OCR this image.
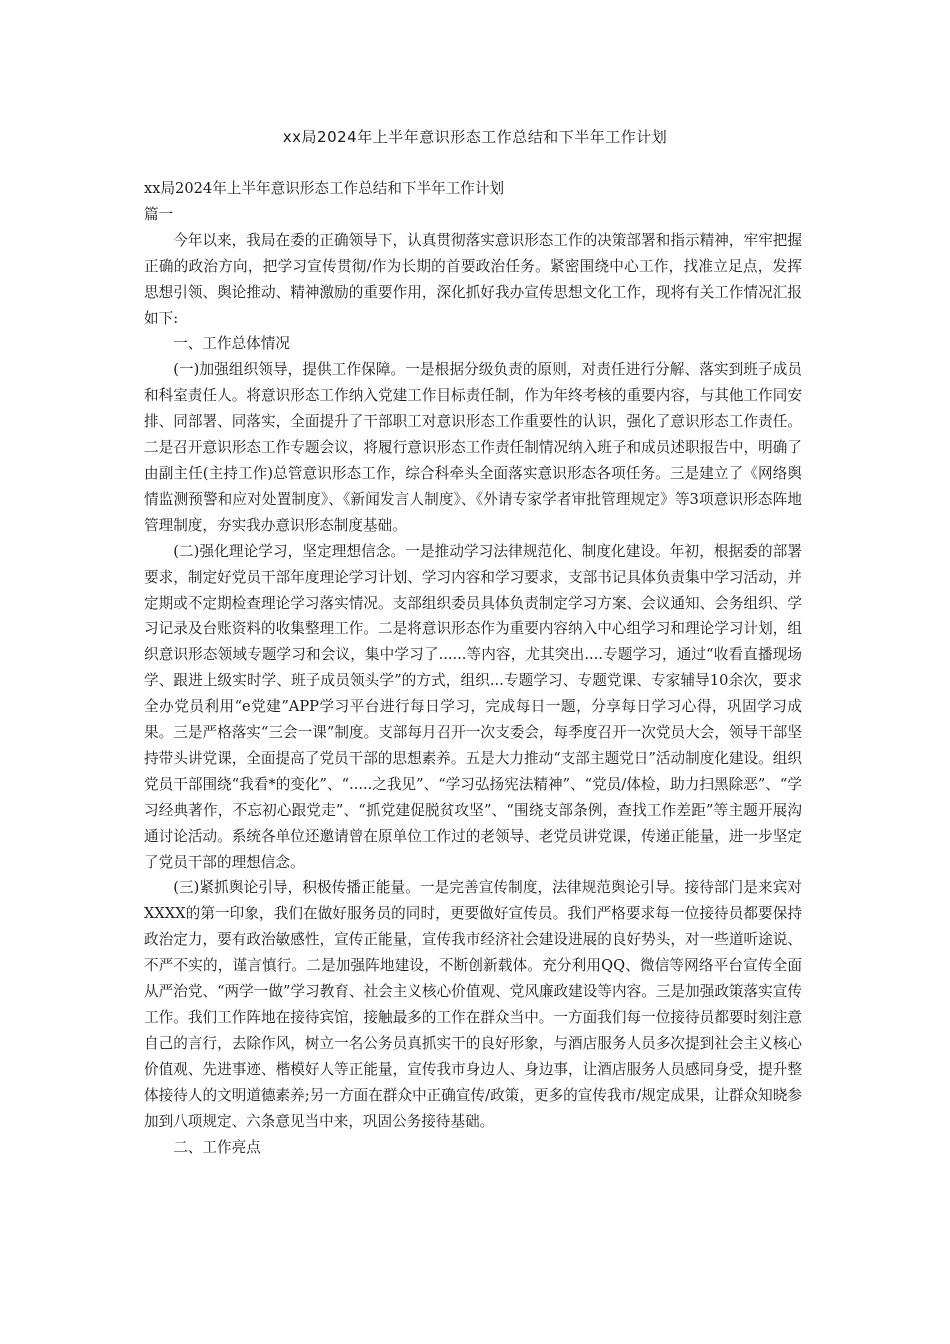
xx局2024年上半年意识形态工作总结和下半年工作计划

xx局2024年上半年意识形态工作总结和下半年工作计划

篇一

今年以来，我局在委的正确领导下，认真贯彻落实意识形态工作的决策部署和指示精神，牢牢把握正确的政治方向，把学习宣传贯彻/作为长期的首要政治任务。紧密围绕中心工作，找准立足点，发挥思想引领、舆论推动、精神激励的重要作用，深化抓好我办宣传思想文化工作，现将有关工作情况汇报如下:

一、工作总体情况

(一)加强组织领导，提供工作保障。一是根据分级负责的原则，对责任进行分解、落实到班子成员和科室责任人。将意识形态工作纳入党建工作目标责任制，作为年终考核的重要内容，与其他工作同安排、同部署、同落实，全面提升了干部职工对意识形态工作重要性的认识，强化了意识形态工作责任。二是召开意识形态工作专题会议，将履行意识形态工作责任制情况纳入班子和成员述职报告中，明确了由副主任(主持工作)总管意识形态工作，综合科牵头全面落实意识形态各项任务。三是建立了《网络舆情监测预警和应对处置制度》、《新闻发言人制度》、《外请专家学者审批管理规定》等3项意识形态阵地管理制度，夯实我办意识形态制度基础。

(二)强化理论学习，坚定理想信念。一是推动学习法律规范化、制度化建设。年初，根据委的部署要求，制定好党员干部年度理论学习计划、学习内容和学习要求，支部书记具体负责集中学习活动，并定期或不定期检查理论学习落实情况。支部组织委员具体负责制定学习方案、会议通知、会务组织、学习记录及台账资料的收集整理工作。二是将意识形态作为重要内容纳入中心组学习和理论学习计划，组织意识形态领域专题学习和会议，集中学习了......等内容，尤其突出....专题学习，通过“收看直播现场学、跟进上级实时学、班子成员领头学”的方式，组织...专题学习、专题党课、专家辅导10余次，要求全办党员利用“e党建”APP学习平台进行每日学习，完成每日一题，分享每日学习心得，巩固学习成果。三是严格落实“三会一课”制度。支部每月召开一次支委会，每季度召开一次党员大会，领导干部坚持带头讲党课，全面提高了党员干部的思想素养。五是大力推动“支部主题党日”活动制度化建设。组织党员干部围绕“我看*的变化”、“.....之我见”、“学习弘扬宪法精神”、“党员/体检，助力扫黑除恶”、“学习经典著作，不忘初心跟党走”、“抓党建促脱贫攻坚”、“围绕支部条例，查找工作差距”等主题开展沟通讨论活动。系统各单位还邀请曾在原单位工作过的老领导、老党员讲党课，传递正能量，进一步坚定了党员干部的理想信念。

(三)紧抓舆论引导，积极传播正能量。一是完善宣传制度，法律规范舆论引导。接待部门是来宾对XXXX的第一印象，我们在做好服务员的同时，更要做好宣传员。我们严格要求每一位接待员都要保持政治定力，要有政治敏感性，宣传正能量，宣传我市经济社会建设进展的良好势头，对一些道听途说、不严不实的，谨言慎行。二是加强阵地建设，不断创新载体。充分利用QQ、微信等网络平台宣传全面从严治党、“两学一做”学习教育、社会主义核心价值观、党风廉政建设等内容。三是加强政策落实宣传工作。我们工作阵地在接待宾馆，接触最多的工作在群众当中。一方面我们每一位接待员都要时刻注意自己的言行，去除作风，树立一名公务员真抓实干的良好形象，与酒店服务人员多次提到社会主义核心价值观、先进事迹、楷模好人等正能量，宣传我市身边人、身边事，让酒店服务人员感同身受，提升整体接待人的文明道德素养;另一方面在群众中正确宣传/政策，更多的宣传我市/规定成果，让群众知晓参加到八项规定、六条意见当中来，巩固公务接待基础。

二、工作亮点
